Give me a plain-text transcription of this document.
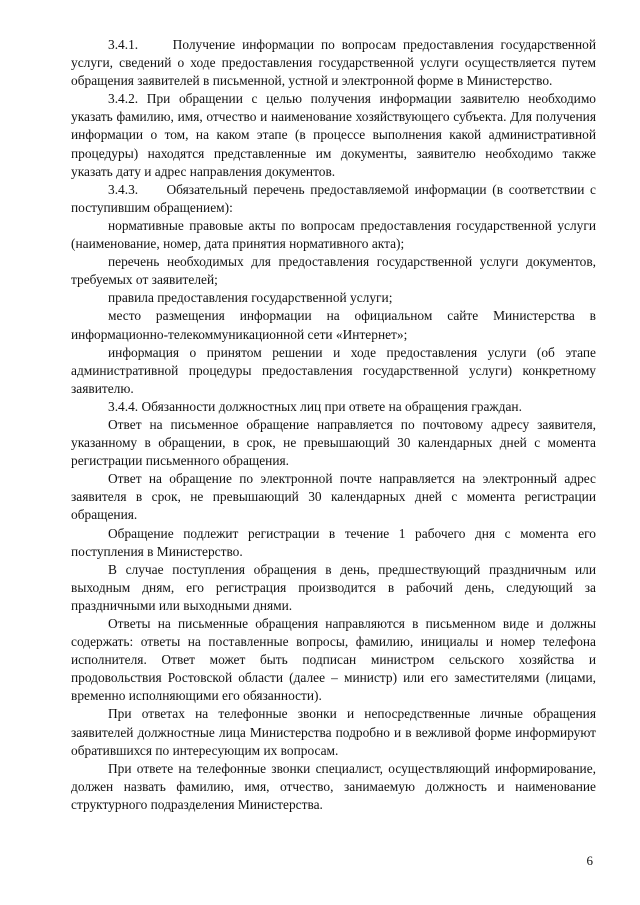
3.4.1.     Получение информации по вопросам предоставления государственной услуги, сведений о ходе предоставления государственной услуги осуществляется путем обращения заявителей в письменной, устной и электронной форме в Министерство.

3.4.2. При обращении с целью получения информации заявителю необходимо указать фамилию, имя, отчество и наименование хозяйствующего субъекта. Для получения информации о том, на каком этапе (в процессе выполнения какой административной процедуры) находятся представленные им документы, заявителю необходимо также указать дату и адрес направления документов.

3.4.3.     Обязательный перечень предоставляемой информации (в соответствии с поступившим обращением):

нормативные правовые акты по вопросам предоставления государственной услуги (наименование, номер, дата принятия нормативного акта);

перечень необходимых для предоставления государственной услуги документов, требуемых от заявителей;

правила предоставления государственной услуги;

место размещения информации на официальном сайте Министерства в информационно-телекоммуникационной сети «Интернет»;

информация о принятом решении и ходе предоставления услуги (об этапе административной процедуры предоставления государственной услуги) конкретному заявителю.

3.4.4. Обязанности должностных лиц при ответе на обращения граждан.

Ответ на письменное обращение направляется по почтовому адресу заявителя, указанному в обращении, в срок, не превышающий 30 календарных дней с момента регистрации письменного обращения.

Ответ на обращение по электронной почте направляется на электронный адрес заявителя в срок, не превышающий 30 календарных дней с момента регистрации обращения.

Обращение подлежит регистрации в течение 1 рабочего дня с момента его поступления в Министерство.

В случае поступления обращения в день, предшествующий праздничным или выходным дням, его регистрация производится в рабочий день, следующий за праздничными или выходными днями.

Ответы на письменные обращения направляются в письменном виде и должны содержать: ответы на поставленные вопросы, фамилию, инициалы и номер телефона исполнителя. Ответ может быть подписан министром сельского хозяйства и продовольствия Ростовской области (далее – министр) или его заместителями (лицами, временно исполняющими его обязанности).

При ответах на телефонные звонки и непосредственные личные обращения заявителей должностные лица Министерства подробно и в вежливой форме информируют обратившихся по интересующим их вопросам.

При ответе на телефонные звонки специалист, осуществляющий информирование, должен назвать фамилию, имя, отчество, занимаемую должность и наименование структурного подразделения Министерства.

6
